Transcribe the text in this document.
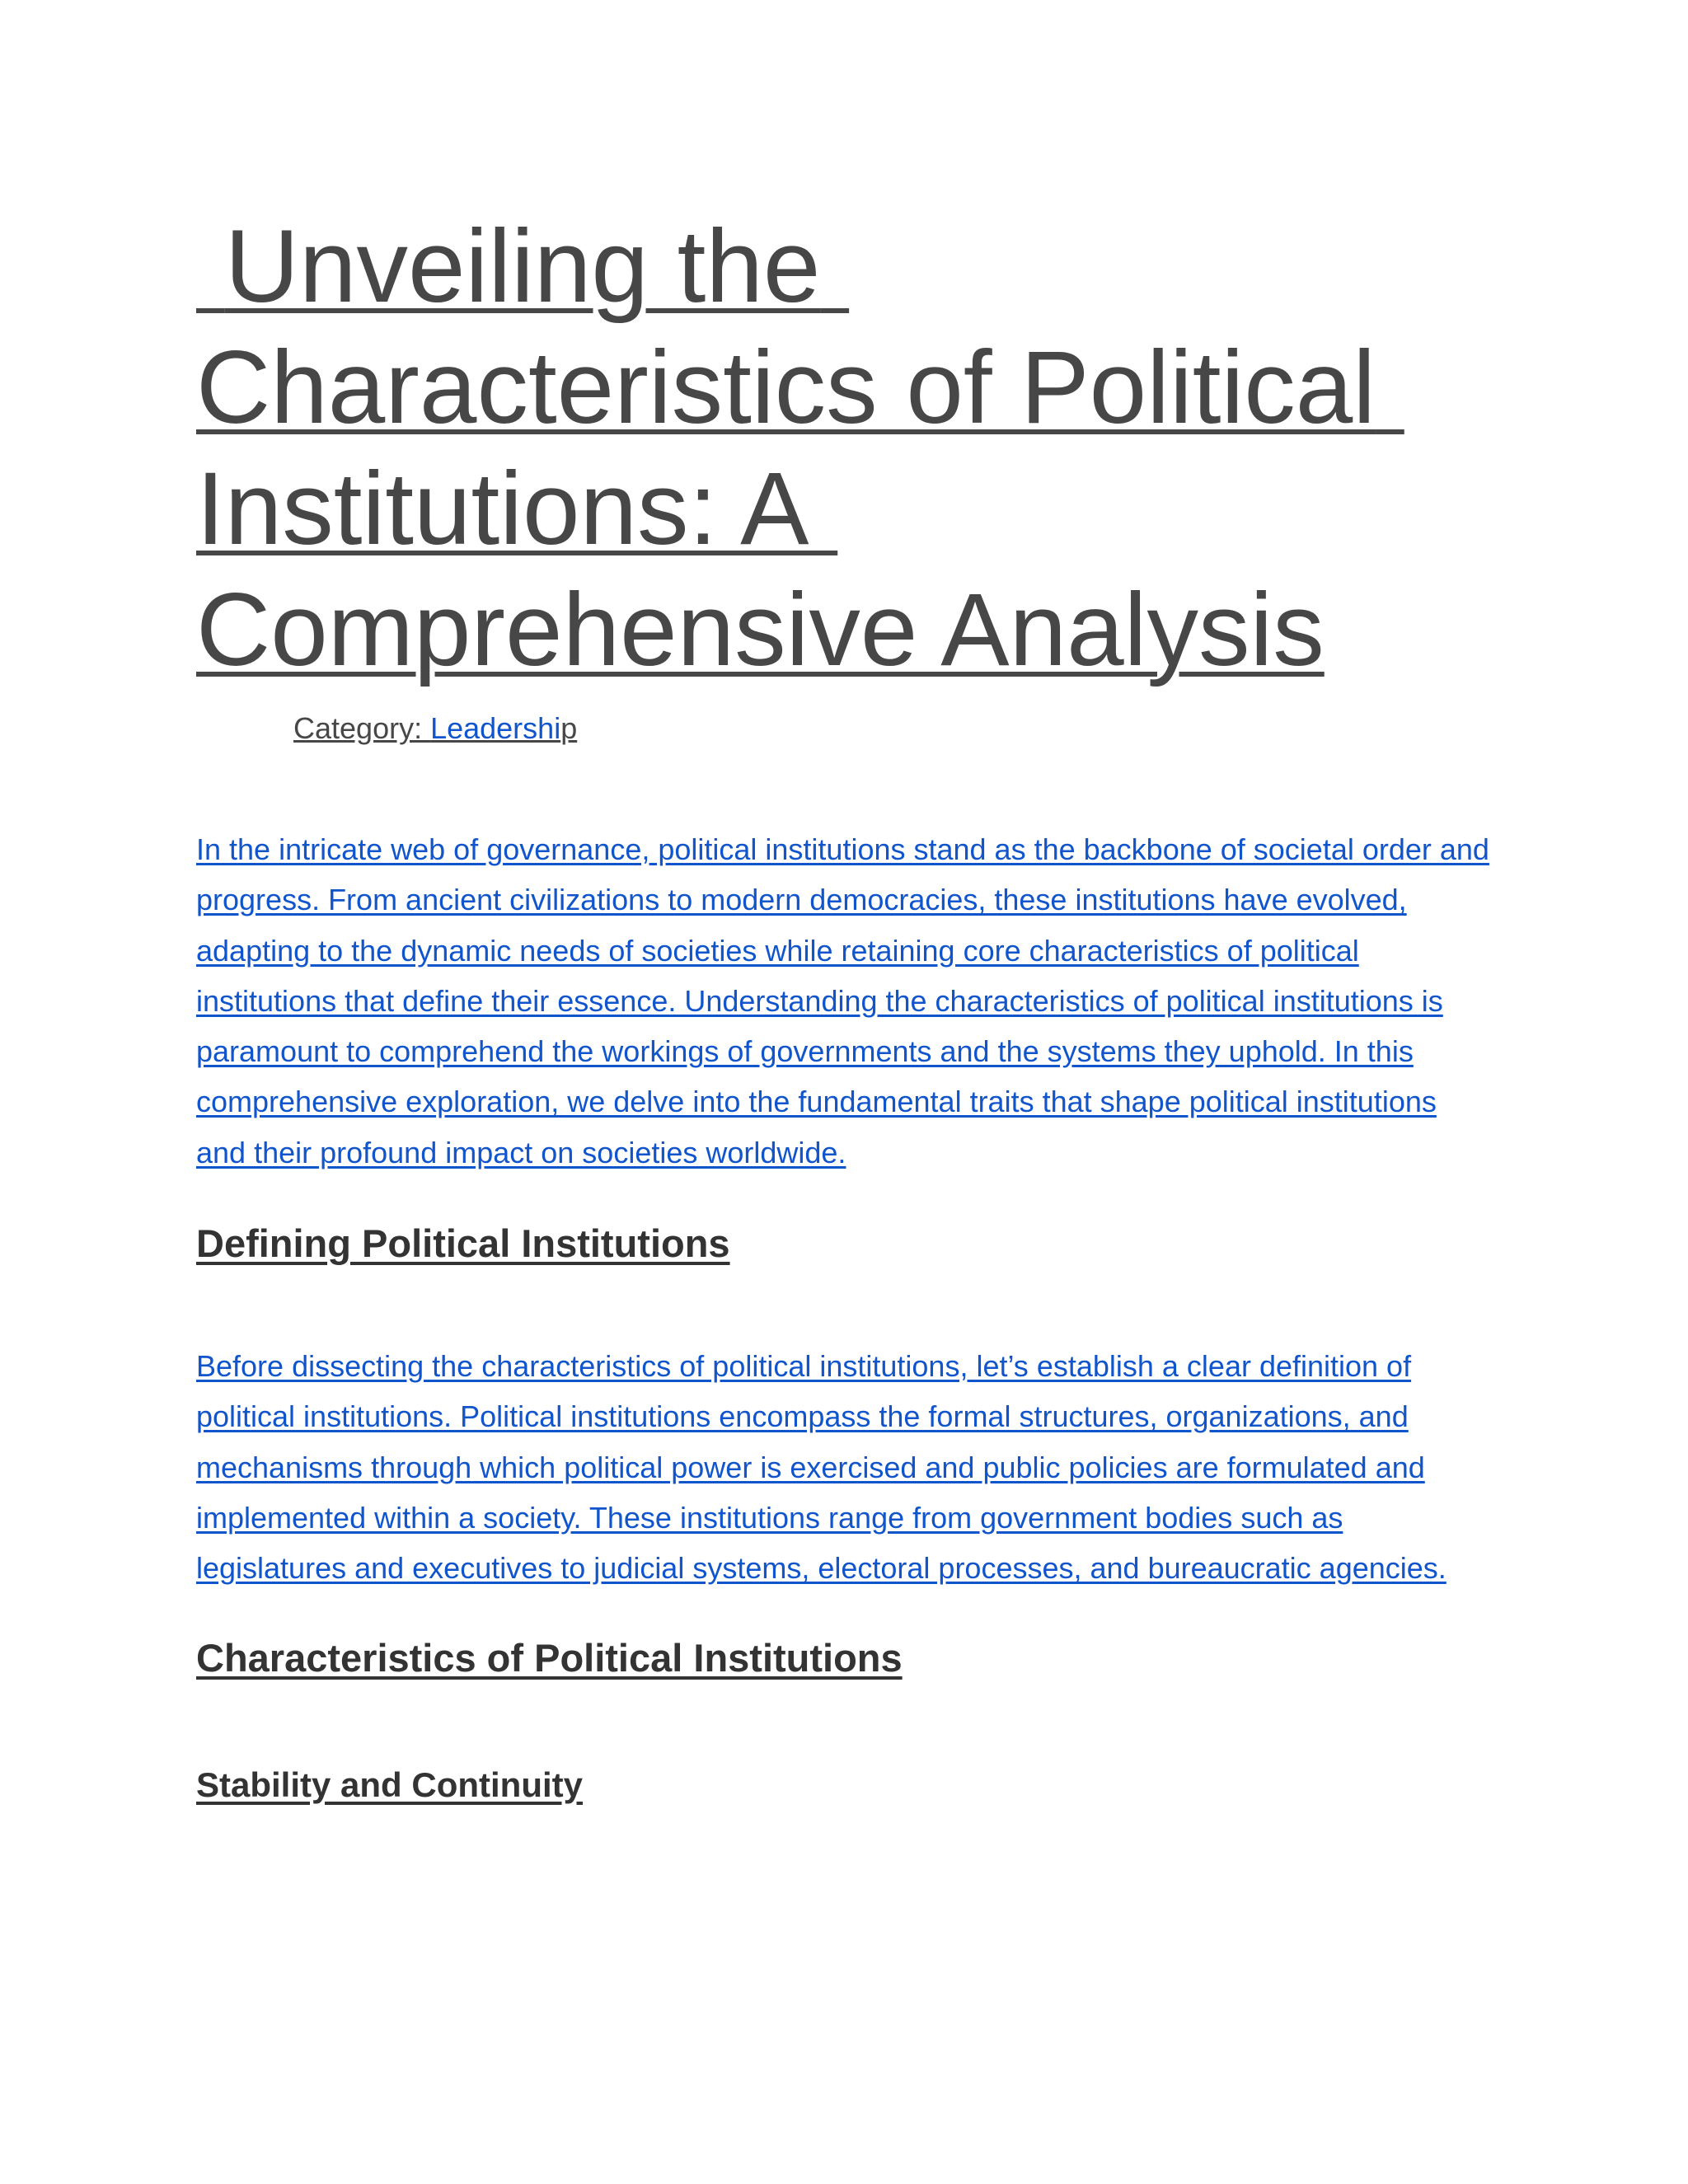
Unveiling the Characteristics of Political Institutions: A Comprehensive Analysis
Category: Leadership

In the intricate web of governance, political institutions stand as the backbone of societal order and progress. From ancient civilizations to modern democracies, these institutions have evolved, adapting to the dynamic needs of societies while retaining core characteristics of political institutions that define their essence. Understanding the characteristics of political institutions is paramount to comprehend the workings of governments and the systems they uphold. In this comprehensive exploration, we delve into the fundamental traits that shape political institutions and their profound impact on societies worldwide.

Defining Political Institutions

Before dissecting the characteristics of political institutions, let’s establish a clear definition of political institutions. Political institutions encompass the formal structures, organizations, and mechanisms through which political power is exercised and public policies are formulated and implemented within a society. These institutions range from government bodies such as legislatures and executives to judicial systems, electoral processes, and bureaucratic agencies.

Characteristics of Political Institutions
Stability and Continuity
